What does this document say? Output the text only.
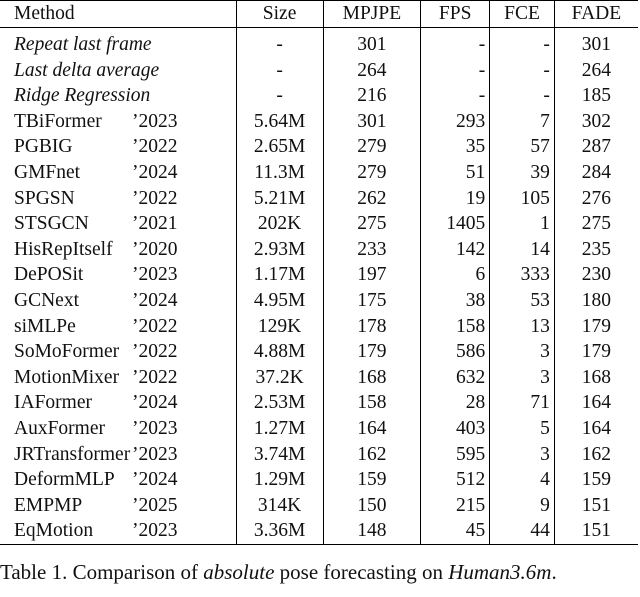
Method	Size	MPJPE	FPS	FCE	FADE

Repeat last frame	-	301	-	-	301
Last delta average	-	264	-	-	264
Ridge Regression	-	216	-	-	185
TBiFormer ’2023	5.64M	301	293	7	302
PGBIG ’2022	2.65M	279	35	57	287
GMFnet ’2024	11.3M	279	51	39	284
SPGSN ’2022	5.21M	262	19	105	276
STSGCN ’2021	202K	275	1405	1	275
HisRepItself ’2020	2.93M	233	142	14	235
DePOSit ’2023	1.17M	197	6	333	230
GCNext ’2024	4.95M	175	38	53	180
siMLPe ’2022	129K	178	158	13	179
SoMoFormer ’2022	4.88M	179	586	3	179
MotionMixer ’2022	37.2K	168	632	3	168
IAFormer ’2024	2.53M	158	28	71	164
AuxFormer ’2023	1.27M	164	403	5	164
JRTransformer ’2023	3.74M	162	595	3	162
DeformMLP ’2024	1.29M	159	512	4	159
EMPMP ’2025	314K	150	215	9	151
EqMotion ’2023	3.36M	148	45	44	151
Table 1. Comparison of absolute pose forecasting on Human3.6m.
